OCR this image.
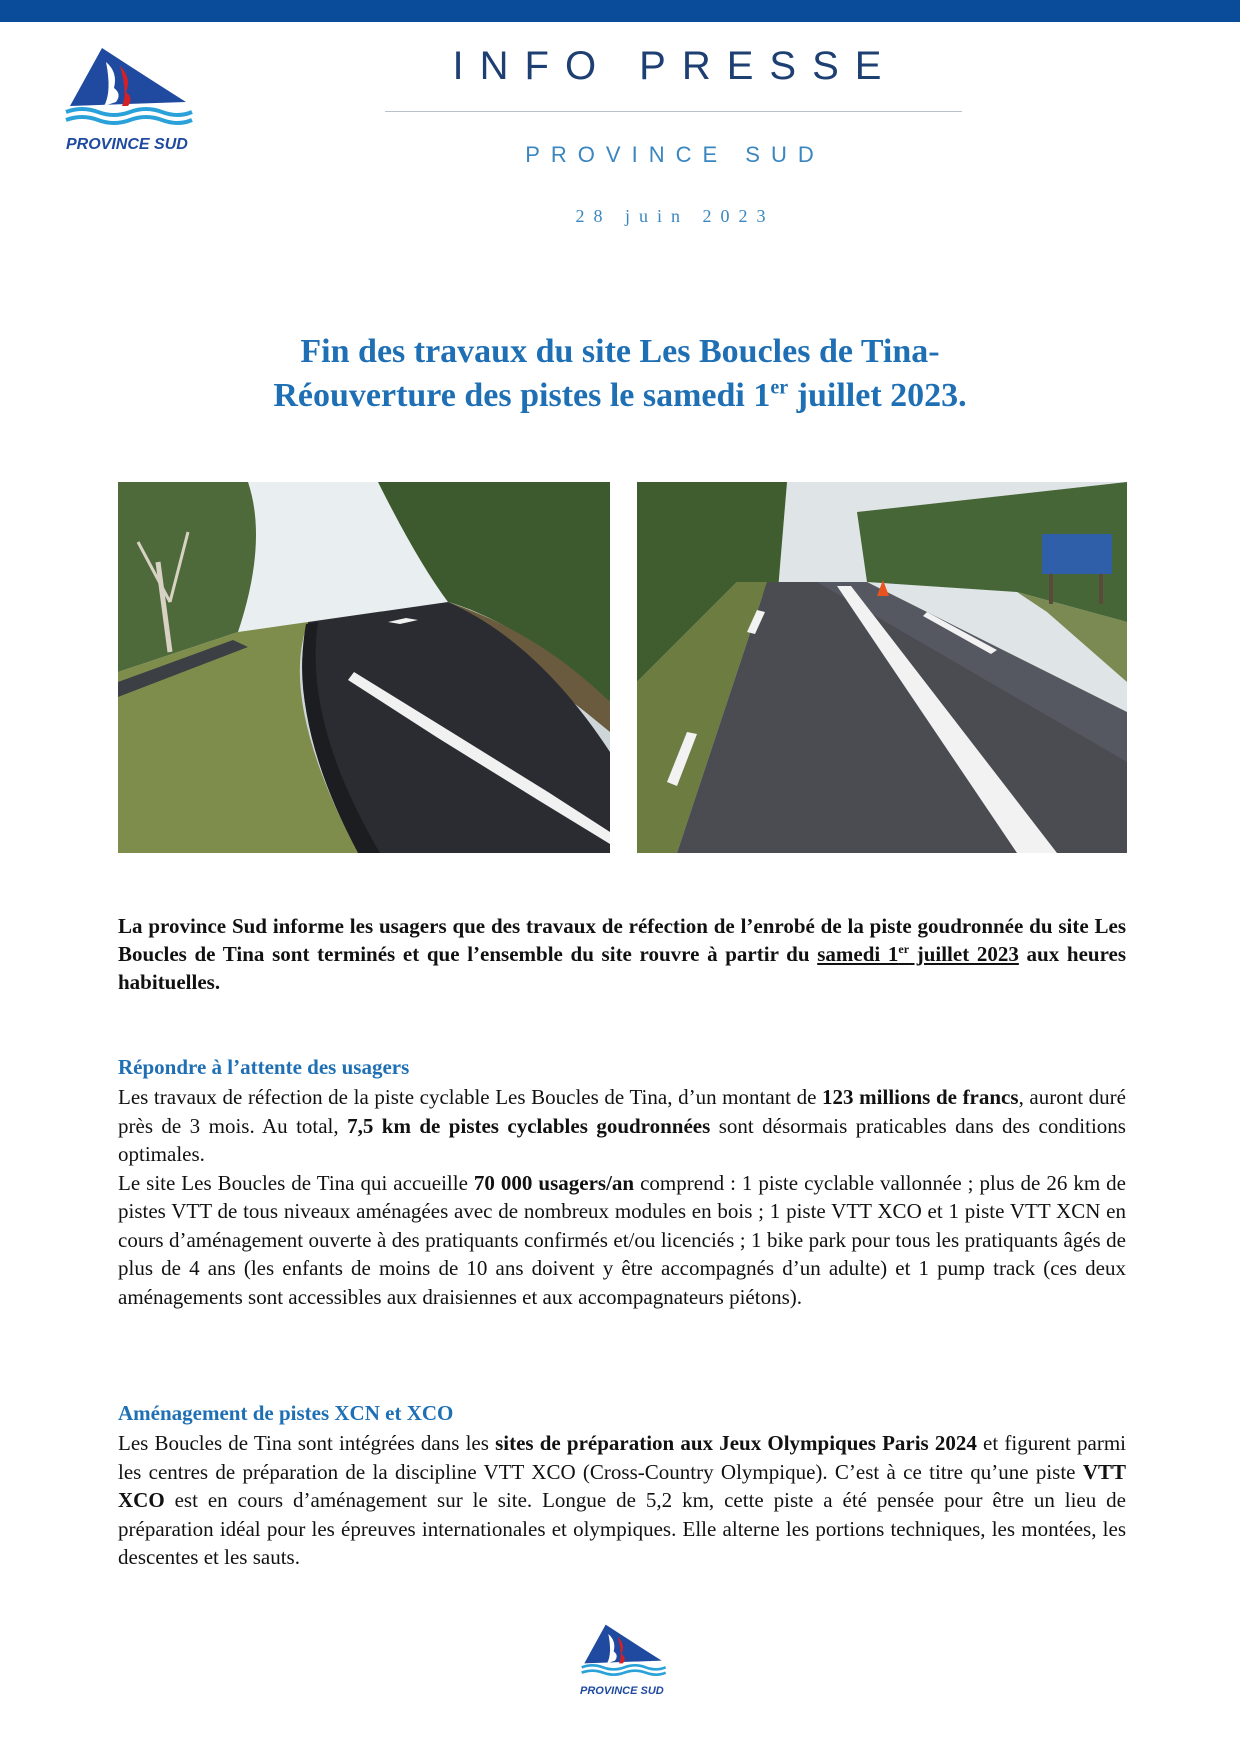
PROVINCE SUD
INFO PRESSE
PROVINCE SUD
28 juin 2023
Fin des travaux du site Les Boucles de Tina-
Réouverture des pistes le samedi 1er juillet 2023.
La province Sud informe les usagers que des travaux de réfection de l’enrobé de la piste goudronnée du site Les Boucles de Tina sont terminés et que l’ensemble du site rouvre à partir du samedi 1er juillet 2023 aux heures habituelles.
Répondre à l’attente des usagers

Les travaux de réfection de la piste cyclable Les Boucles de Tina, d’un montant de 123 millions de francs, auront duré près de 3 mois. Au total, 7,5 km de pistes cyclables goudronnées sont désormais praticables dans des conditions optimales.

Le site Les Boucles de Tina qui accueille 70 000 usagers/an comprend : 1 piste cyclable vallonnée ; plus de 26 km de pistes VTT de tous niveaux aménagées avec de nombreux modules en bois ; 1 piste VTT XCO et 1 piste VTT XCN en cours d’aménagement ouverte à des pratiquants confirmés et/ou licenciés ; 1 bike park pour tous les pratiquants âgés de plus de 4 ans (les enfants de moins de 10 ans doivent y être accompagnés d’un adulte) et 1 pump track (ces deux aménagements sont accessibles aux draisiennes et aux accompagnateurs piétons).

Aménagement de pistes XCN et XCO

Les Boucles de Tina sont intégrées dans les sites de préparation aux Jeux Olympiques Paris 2024 et figurent parmi les centres de préparation de la discipline VTT XCO (Cross-Country Olympique). C’est à ce titre qu’une piste VTT XCO est en cours d’aménagement sur le site. Longue de 5,2 km, cette piste a été pensée pour être un lieu de préparation idéal pour les épreuves internationales et olympiques. Elle alterne les portions techniques, les montées, les descentes et les sauts.

PROVINCE SUD
